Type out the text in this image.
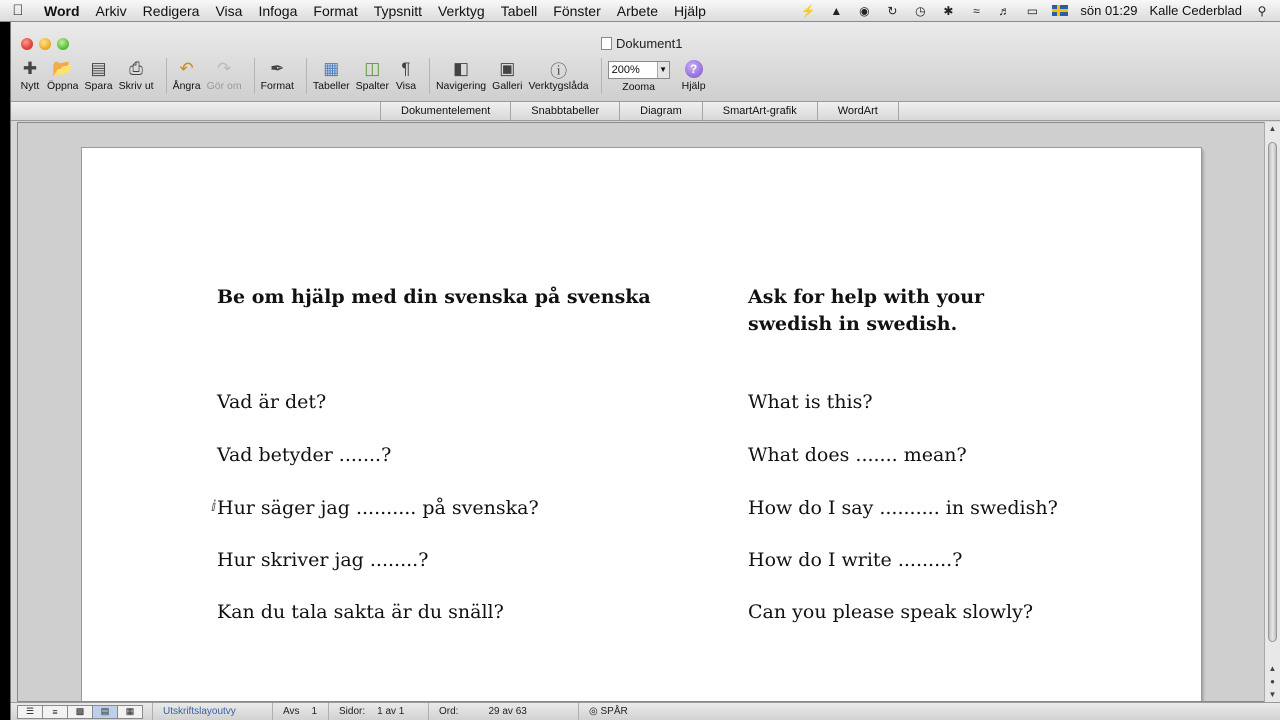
Word	Arkiv	Redigera	Visa	Infoga	Format	Typsnitt	Verktyg	Tabell	Fönster	Arbete	Hjälp	⚡ ▲ ◉ ↻ ◷ ✱	≈	♬ ▭	sön 01:29 Kalle Cederblad ⚲
Dokument1
✚
Nytt
📂
Öppna
▤
Spara
⎙
Skriv ut
↶
Ångra
↷
Gör om
✒
Format
▦
Tabeller
◫
Spalter
¶
Visa
◧
Navigering
▣
Galleri
ⓘ
Verktygslåda
200%	▼
Zooma
?
Hjälp
Dokumentelement	Snabbtabeller	Diagram	SmartArt-grafik	WordArt
Be om hjälp med din svenska på svenska	Ask for help with your
swedish in swedish.
Vad är det?	What is this?
Vad betyder .......?	What does ....... mean?
ⅈ Hur säger jag .......... på svenska?	How do I say .......... in swedish?
Hur skriver jag ........?	How do I write .........?
Kan du tala sakta är du snäll?	Can you please speak slowly?
▲
▲
●
▼
☰	≡	▩	▤	▦	Utskriftslayoutvy	Avs 1	Sidor: 1 av 1	Ord:	29 av 63	◎ SPÅR
